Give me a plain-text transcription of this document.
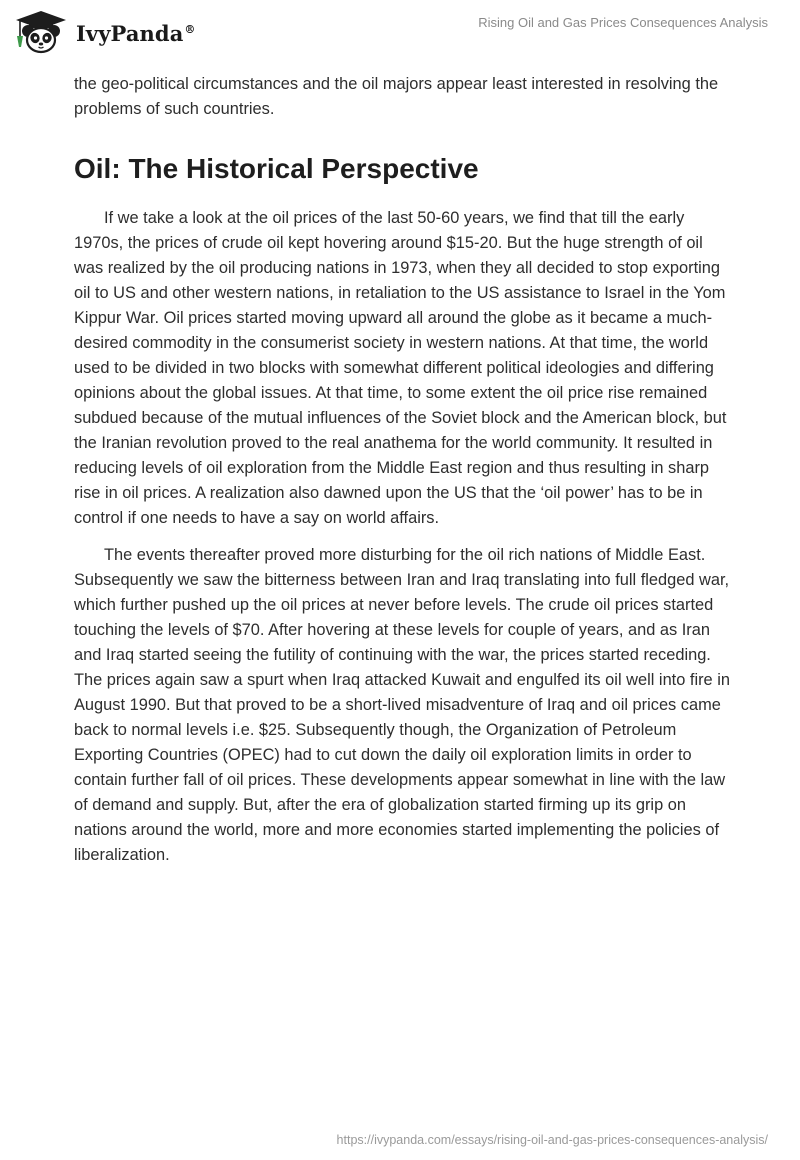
IvyPanda®	Rising Oil and Gas Prices Consequences Analysis

the geo-political circumstances and the oil majors appear least interested in resolving the problems of such countries.

Oil: The Historical Perspective

If we take a look at the oil prices of the last 50-60 years, we find that till the early 1970s, the prices of crude oil kept hovering around $15-20. But the huge strength of oil was realized by the oil producing nations in 1973, when they all decided to stop exporting oil to US and other western nations, in retaliation to the US assistance to Israel in the Yom Kippur War. Oil prices started moving upward all around the globe as it became a much-desired commodity in the consumerist society in western nations. At that time, the world used to be divided in two blocks with somewhat different political ideologies and differing opinions about the global issues. At that time, to some extent the oil price rise remained subdued because of the mutual influences of the Soviet block and the American block, but the Iranian revolution proved to the real anathema for the world community. It resulted in reducing levels of oil exploration from the Middle East region and thus resulting in sharp rise in oil prices. A realization also dawned upon the US that the ‘oil power’ has to be in control if one needs to have a say on world affairs.

The events thereafter proved more disturbing for the oil rich nations of Middle East. Subsequently we saw the bitterness between Iran and Iraq translating into full fledged war, which further pushed up the oil prices at never before levels. The crude oil prices started touching the levels of $70. After hovering at these levels for couple of years, and as Iran and Iraq started seeing the futility of continuing with the war, the prices started receding. The prices again saw a spurt when Iraq attacked Kuwait and engulfed its oil well into fire in August 1990. But that proved to be a short-lived misadventure of Iraq and oil prices came back to normal levels i.e. $25. Subsequently though, the Organization of Petroleum Exporting Countries (OPEC) had to cut down the daily oil exploration limits in order to contain further fall of oil prices. These developments appear somewhat in line with the law of demand and supply. But, after the era of globalization started firming up its grip on nations around the world, more and more economies started implementing the policies of liberalization.

https://ivypanda.com/essays/rising-oil-and-gas-prices-consequences-analysis/
